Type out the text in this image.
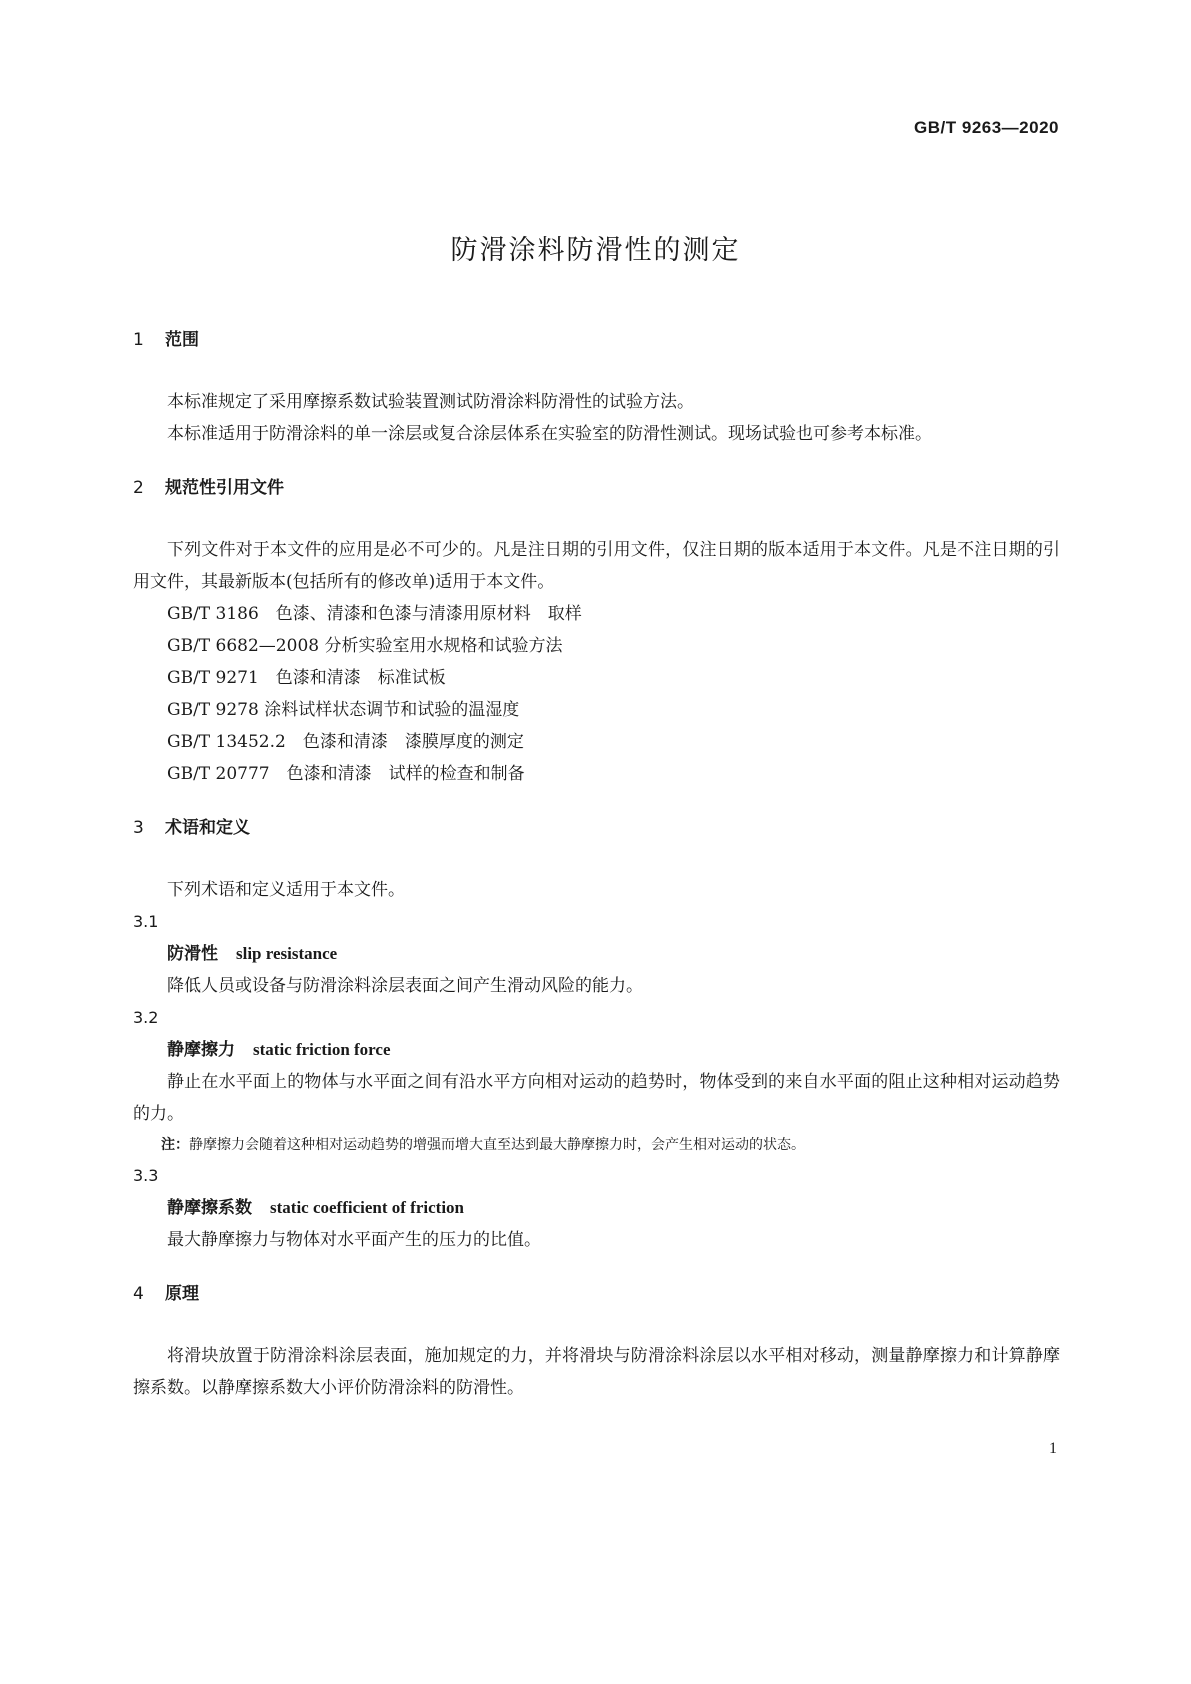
GB/T 9263—2020
防滑涂料防滑性的测定
1 范围

本标准规定了采用摩擦系数试验装置测试防滑涂料防滑性的试验方法。

本标准适用于防滑涂料的单一涂层或复合涂层体系在实验室的防滑性测试。现场试验也可参考本标准。

2 规范性引用文件

下列文件对于本文件的应用是必不可少的。凡是注日期的引用文件，仅注日期的版本适用于本文件。凡是不注日期的引用文件，其最新版本(包括所有的修改单)适用于本文件。

GB/T 3186　色漆、清漆和色漆与清漆用原材料　取样

GB/T 6682—2008 分析实验室用水规格和试验方法

GB/T 9271　色漆和清漆　标准试板

GB/T 9278 涂料试样状态调节和试验的温湿度

GB/T 13452.2　色漆和清漆　漆膜厚度的测定

GB/T 20777　色漆和清漆　试样的检查和制备

3 术语和定义

下列术语和定义适用于本文件。

3.1

防滑性 slip resistance

降低人员或设备与防滑涂料涂层表面之间产生滑动风险的能力。

3.2

静摩擦力 static friction force

静止在水平面上的物体与水平面之间有沿水平方向相对运动的趋势时，物体受到的来自水平面的阻止这种相对运动趋势的力。

注：静摩擦力会随着这种相对运动趋势的增强而增大直至达到最大静摩擦力时，会产生相对运动的状态。

3.3

静摩擦系数 static coefficient of friction

最大静摩擦力与物体对水平面产生的压力的比值。

4 原理

将滑块放置于防滑涂料涂层表面，施加规定的力，并将滑块与防滑涂料涂层以水平相对移动，测量静摩擦力和计算静摩擦系数。以静摩擦系数大小评价防滑涂料的防滑性。

1
